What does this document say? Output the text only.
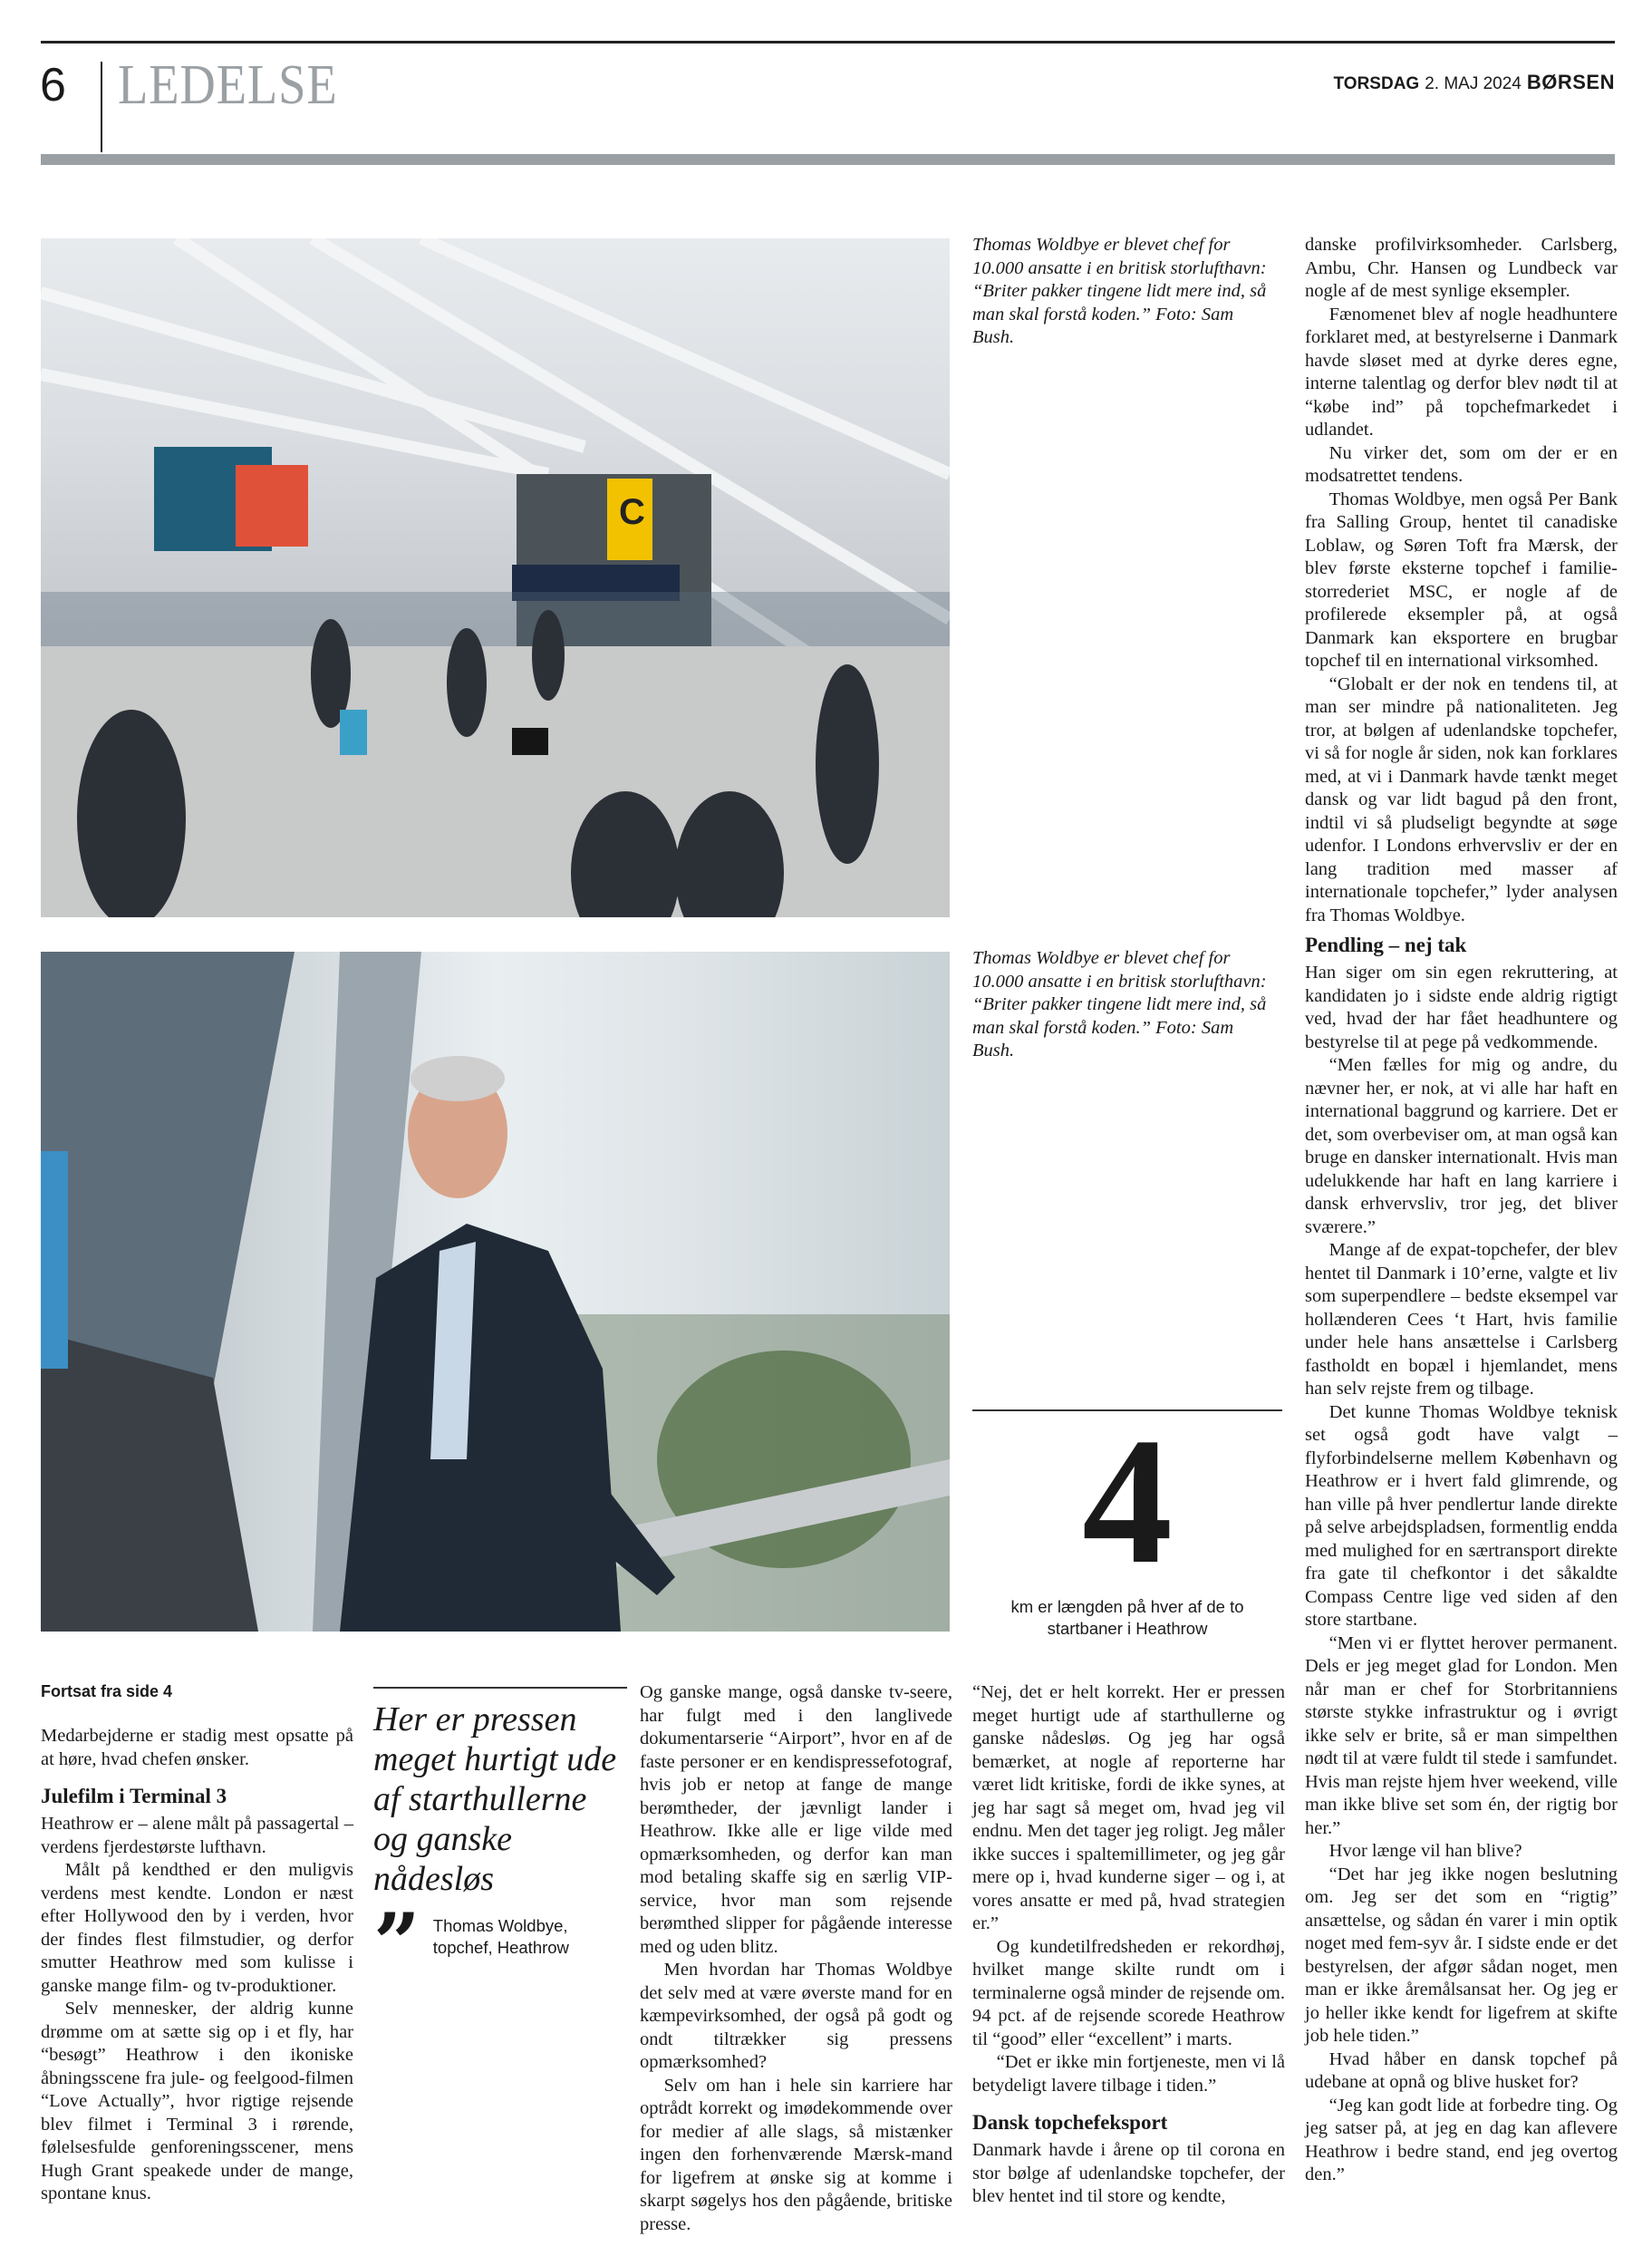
6 LEDELSE	TORSDAG 2. MAJ 2024 BØRSEN
C
Thomas Woldbye er blevet chef for 10.000 ansatte i en britisk storlufthavn: “Briter pakker tingene lidt mere ind, så man skal forstå koden.” Foto: Sam Bush.
Thomas Woldbye er blevet chef for 10.000 ansatte i en britisk storlufthavn: “Briter pakker tingene lidt mere ind, så man skal forstå koden.” Foto: Sam Bush.
4
km er længden på hver af de to startbaner i Heathrow

danske profilvirksomheder. Carlsberg, Ambu, Chr. Hansen og Lundbeck var nogle af de mest synlige eksempler.

Fænomenet blev af nogle headhuntere forklaret med, at bestyrelserne i Danmark havde sløset med at dyrke deres egne, interne talentlag og derfor blev nødt til at “købe ind” på topchefmarkedet i udlandet.

Nu virker det, som om der er en modsatrettet tendens.

Thomas Woldbye, men også Per Bank fra Salling Group, hentet til canadiske Loblaw, og Søren Toft fra Mærsk, der blev første eksterne topchef i familie-storrederiet MSC, er nogle af de profilerede eksempler på, at også Danmark kan eksportere en brugbar topchef til en international virksomhed.

“Globalt er der nok en tendens til, at man ser mindre på nationaliteten. Jeg tror, at bølgen af udenlandske topchefer, vi så for nogle år siden, nok kan forklares med, at vi i Danmark havde tænkt meget dansk og var lidt bagud på den front, indtil vi så pludseligt begyndte at søge udenfor. I Londons erhvervsliv er der en lang tradition med masser af internationale topchefer,” lyder analysen fra Thomas Woldbye.

Pendling – nej tak

Han siger om sin egen rekruttering, at kandidaten jo i sidste ende aldrig rigtigt ved, hvad der har fået headhuntere og bestyrelse til at pege på vedkommende.

“Men fælles for mig og andre, du nævner her, er nok, at vi alle har haft en international baggrund og karriere. Det er det, som overbeviser om, at man også kan bruge en dansker internationalt. Hvis man udelukkende har haft en lang karriere i dansk erhvervsliv, tror jeg, det bliver sværere.”

Mange af de expat-topchefer, der blev hentet til Danmark i 10’erne, valgte et liv som superpendlere – bedste eksempel var hollænderen Cees ‘t Hart, hvis familie under hele hans ansættelse i Carlsberg fastholdt en bopæl i hjemlandet, mens han selv rejste frem og tilbage.

Det kunne Thomas Woldbye teknisk set også godt have valgt – flyforbindelserne mellem København og Heathrow er i hvert fald glimrende, og han ville på hver pendlertur lande direkte på selve arbejdspladsen, formentlig endda med mulighed for en særtransport direkte fra gate til chefkontor i det såkaldte Compass Centre lige ved siden af den store startbane.

“Men vi er flyttet herover permanent. Dels er jeg meget glad for London. Men når man er chef for Storbritanniens største stykke infrastruktur og i øvrigt ikke selv er brite, så er man simpelthen nødt til at være fuldt til stede i samfundet. Hvis man rejste hjem hver weekend, ville man ikke blive set som én, der rigtig bor her.”

Hvor længe vil han blive?

“Det har jeg ikke nogen beslutning om. Jeg ser det som en “rigtig” ansættelse, og sådan én varer i min optik noget med fem-syv år. I sidste ende er det bestyrelsen, der afgør sådan noget, men man er ikke åremålsansat her. Og jeg er jo heller ikke kendt for ligefrem at skifte job hele tiden.”

Hvad håber en dansk topchef på udebane at opnå og blive husket for?

“Jeg kan godt lide at forbedre ting. Og jeg satser på, at jeg en dag kan aflevere Heathrow i bedre stand, end jeg overtog den.”

Fortsat fra side 4

Medarbejderne er stadig mest opsatte på at høre, hvad chefen ønsker.

Julefilm i Terminal 3

Heathrow er – alene målt på passagertal – verdens fjerdestørste lufthavn.

Målt på kendthed er den muligvis verdens mest kendte. London er næst efter Hollywood den by i verden, hvor der findes flest filmstudier, og derfor smutter Heathrow med som kulisse i ganske mange film- og tv-produktioner.

Selv mennesker, der aldrig kunne drømme om at sætte sig op i et fly, har “besøgt” Heathrow i den ikoniske åbningsscene fra jule- og feelgood-filmen “Love Actually”, hvor rigtige rejsende blev filmet i Terminal 3 i rørende, følelsesfulde genforeningsscener, mens Hugh Grant speakede under de mange, spontane knus.

Her er pressen meget hurtigt ude af starthullerne og ganske nådesløs
” Thomas Woldbye,
topchef, Heathrow

Og ganske mange, også danske tv-seere, har fulgt med i den langlivede dokumentarserie “Airport”, hvor en af de faste personer er en kendispressefotograf, hvis job er netop at fange de mange berømtheder, der jævnligt lander i Heathrow. Ikke alle er lige vilde med opmærksomheden, og derfor kan man mod betaling skaffe sig en særlig VIP-service, hvor man som rejsende berømthed slipper for pågående interesse med og uden blitz.

Men hvordan har Thomas Woldbye det selv med at være øverste mand for en kæmpevirksomhed, der også på godt og ondt tiltrækker sig pressens opmærksomhed?

Selv om han i hele sin karriere har optrådt korrekt og imødekommende over for medier af alle slags, så mistænker ingen den forhenværende Mærsk-mand for ligefrem at ønske sig at komme i skarpt søgelys hos den pågående, britiske presse.

“Nej, det er helt korrekt. Her er pressen meget hurtigt ude af starthullerne og ganske nådesløs. Og jeg har også bemærket, at nogle af reporterne har været lidt kritiske, fordi de ikke synes, at jeg har sagt så meget om, hvad jeg vil endnu. Men det tager jeg roligt. Jeg måler ikke succes i spaltemillimeter, og jeg går mere op i, hvad kunderne siger – og i, at vores ansatte er med på, hvad strategien er.”

Og kundetilfredsheden er rekordhøj, hvilket mange skilte rundt om i terminalerne også minder de rejsende om. 94 pct. af de rejsende scorede Heathrow til “good” eller “excellent” i marts.

“Det er ikke min fortjeneste, men vi lå betydeligt lavere tilbage i tiden.”

Dansk topchefeksport

Danmark havde i årene op til corona en stor bølge af udenlandske topchefer, der blev hentet ind til store og kendte,
